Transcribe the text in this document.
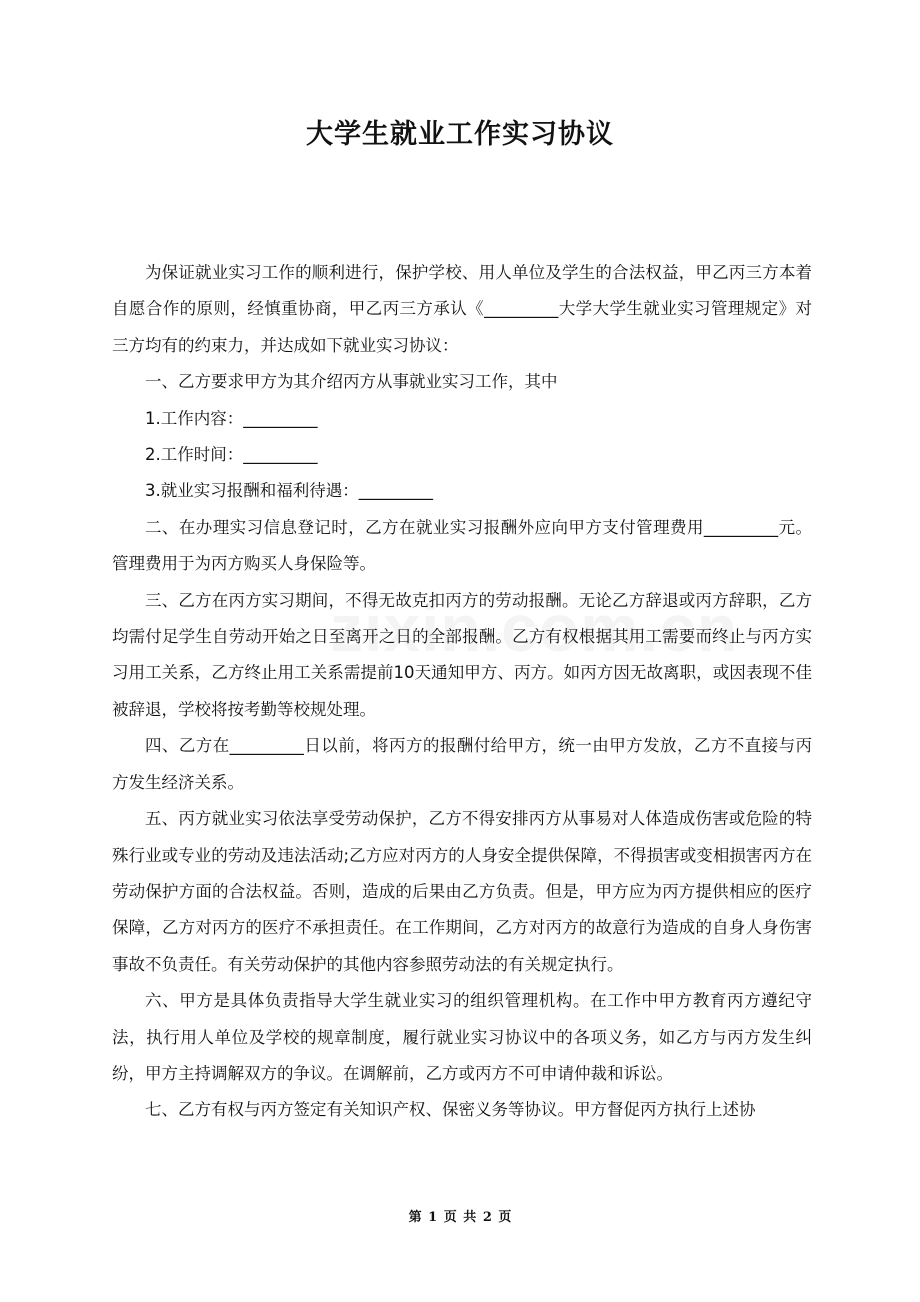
大学生就业工作实习协议

为保证就业实习工作的顺利进行，保护学校、用人单位及学生的合法权益，甲乙丙三方本着自愿合作的原则，经慎重协商，甲乙丙三方承认《_________大学大学生就业实习管理规定》对三方均有的约束力，并达成如下就业实习协议：

一、乙方要求甲方为其介绍丙方从事就业实习工作，其中

1.工作内容：_________

2.工作时间：_________

3.就业实习报酬和福利待遇：_________

二、在办理实习信息登记时，乙方在就业实习报酬外应向甲方支付管理费用_________元。管理费用于为丙方购买人身保险等。

三、乙方在丙方实习期间，不得无故克扣丙方的劳动报酬。无论乙方辞退或丙方辞职，乙方均需付足学生自劳动开始之日至离开之日的全部报酬。乙方有权根据其用工需要而终止与丙方实习用工关系，乙方终止用工关系需提前10天通知甲方、丙方。如丙方因无故离职，或因表现不佳被辞退，学校将按考勤等校规处理。

四、乙方在_________日以前，将丙方的报酬付给甲方，统一由甲方发放，乙方不直接与丙方发生经济关系。

五、丙方就业实习依法享受劳动保护，乙方不得安排丙方从事易对人体造成伤害或危险的特殊行业或专业的劳动及违法活动;乙方应对丙方的人身安全提供保障，不得损害或变相损害丙方在劳动保护方面的合法权益。否则，造成的后果由乙方负责。但是，甲方应为丙方提供相应的医疗保障，乙方对丙方的医疗不承担责任。在工作期间，乙方对丙方的故意行为造成的自身人身伤害事故不负责任。有关劳动保护的其他内容参照劳动法的有关规定执行。

六、甲方是具体负责指导大学生就业实习的组织管理机构。在工作中甲方教育丙方遵纪守法，执行用人单位及学校的规章制度，履行就业实习协议中的各项义务，如乙方与丙方发生纠纷，甲方主持调解双方的争议。在调解前，乙方或丙方不可申请仲裁和诉讼。

七、乙方有权与丙方签定有关知识产权、保密义务等协议。甲方督促丙方执行上述协

第 1 页 共 2 页
